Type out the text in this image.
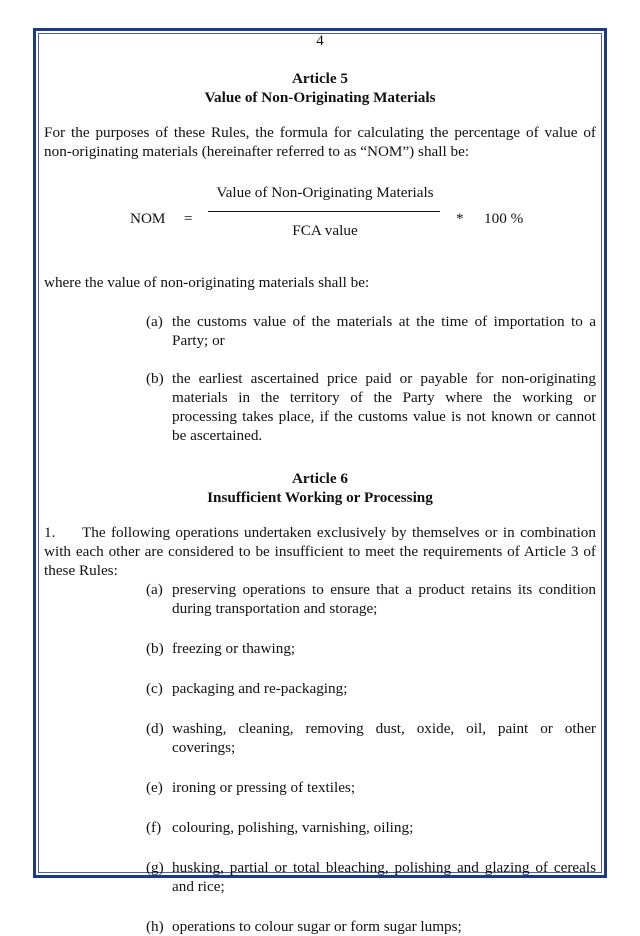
4

Article 5

Value of Non-Originating Materials

For the purposes of these Rules, the formula for calculating the percentage of value of non-originating materials (hereinafter referred to as “NOM”) shall be:

NOM =
Value of Non-Originating Materials
FCA value
* 100 %

where the value of non-originating materials shall be:

(a) the customs value of the materials at the time of importation to a Party; or
(b) the earliest ascertained price paid or payable for non-originating materials in the territory of the Party where the working or processing takes place, if the customs value is not known or cannot be ascertained.

Article 6

Insufficient Working or Processing

1.     The following operations undertaken exclusively by themselves or in combination with each other are considered to be insufficient to meet the requirements of Article 3 of these Rules:

(a) preserving operations to ensure that a product retains its condition during transportation and storage;
(b) freezing or thawing;
(c) packaging and re-packaging;
(d) washing, cleaning, removing dust, oxide, oil, paint or other coverings;
(e) ironing or pressing of textiles;
(f) colouring, polishing, varnishing, oiling;
(g) husking, partial or total bleaching, polishing and glazing of cereals and rice;
(h) operations to colour sugar or form sugar lumps;
